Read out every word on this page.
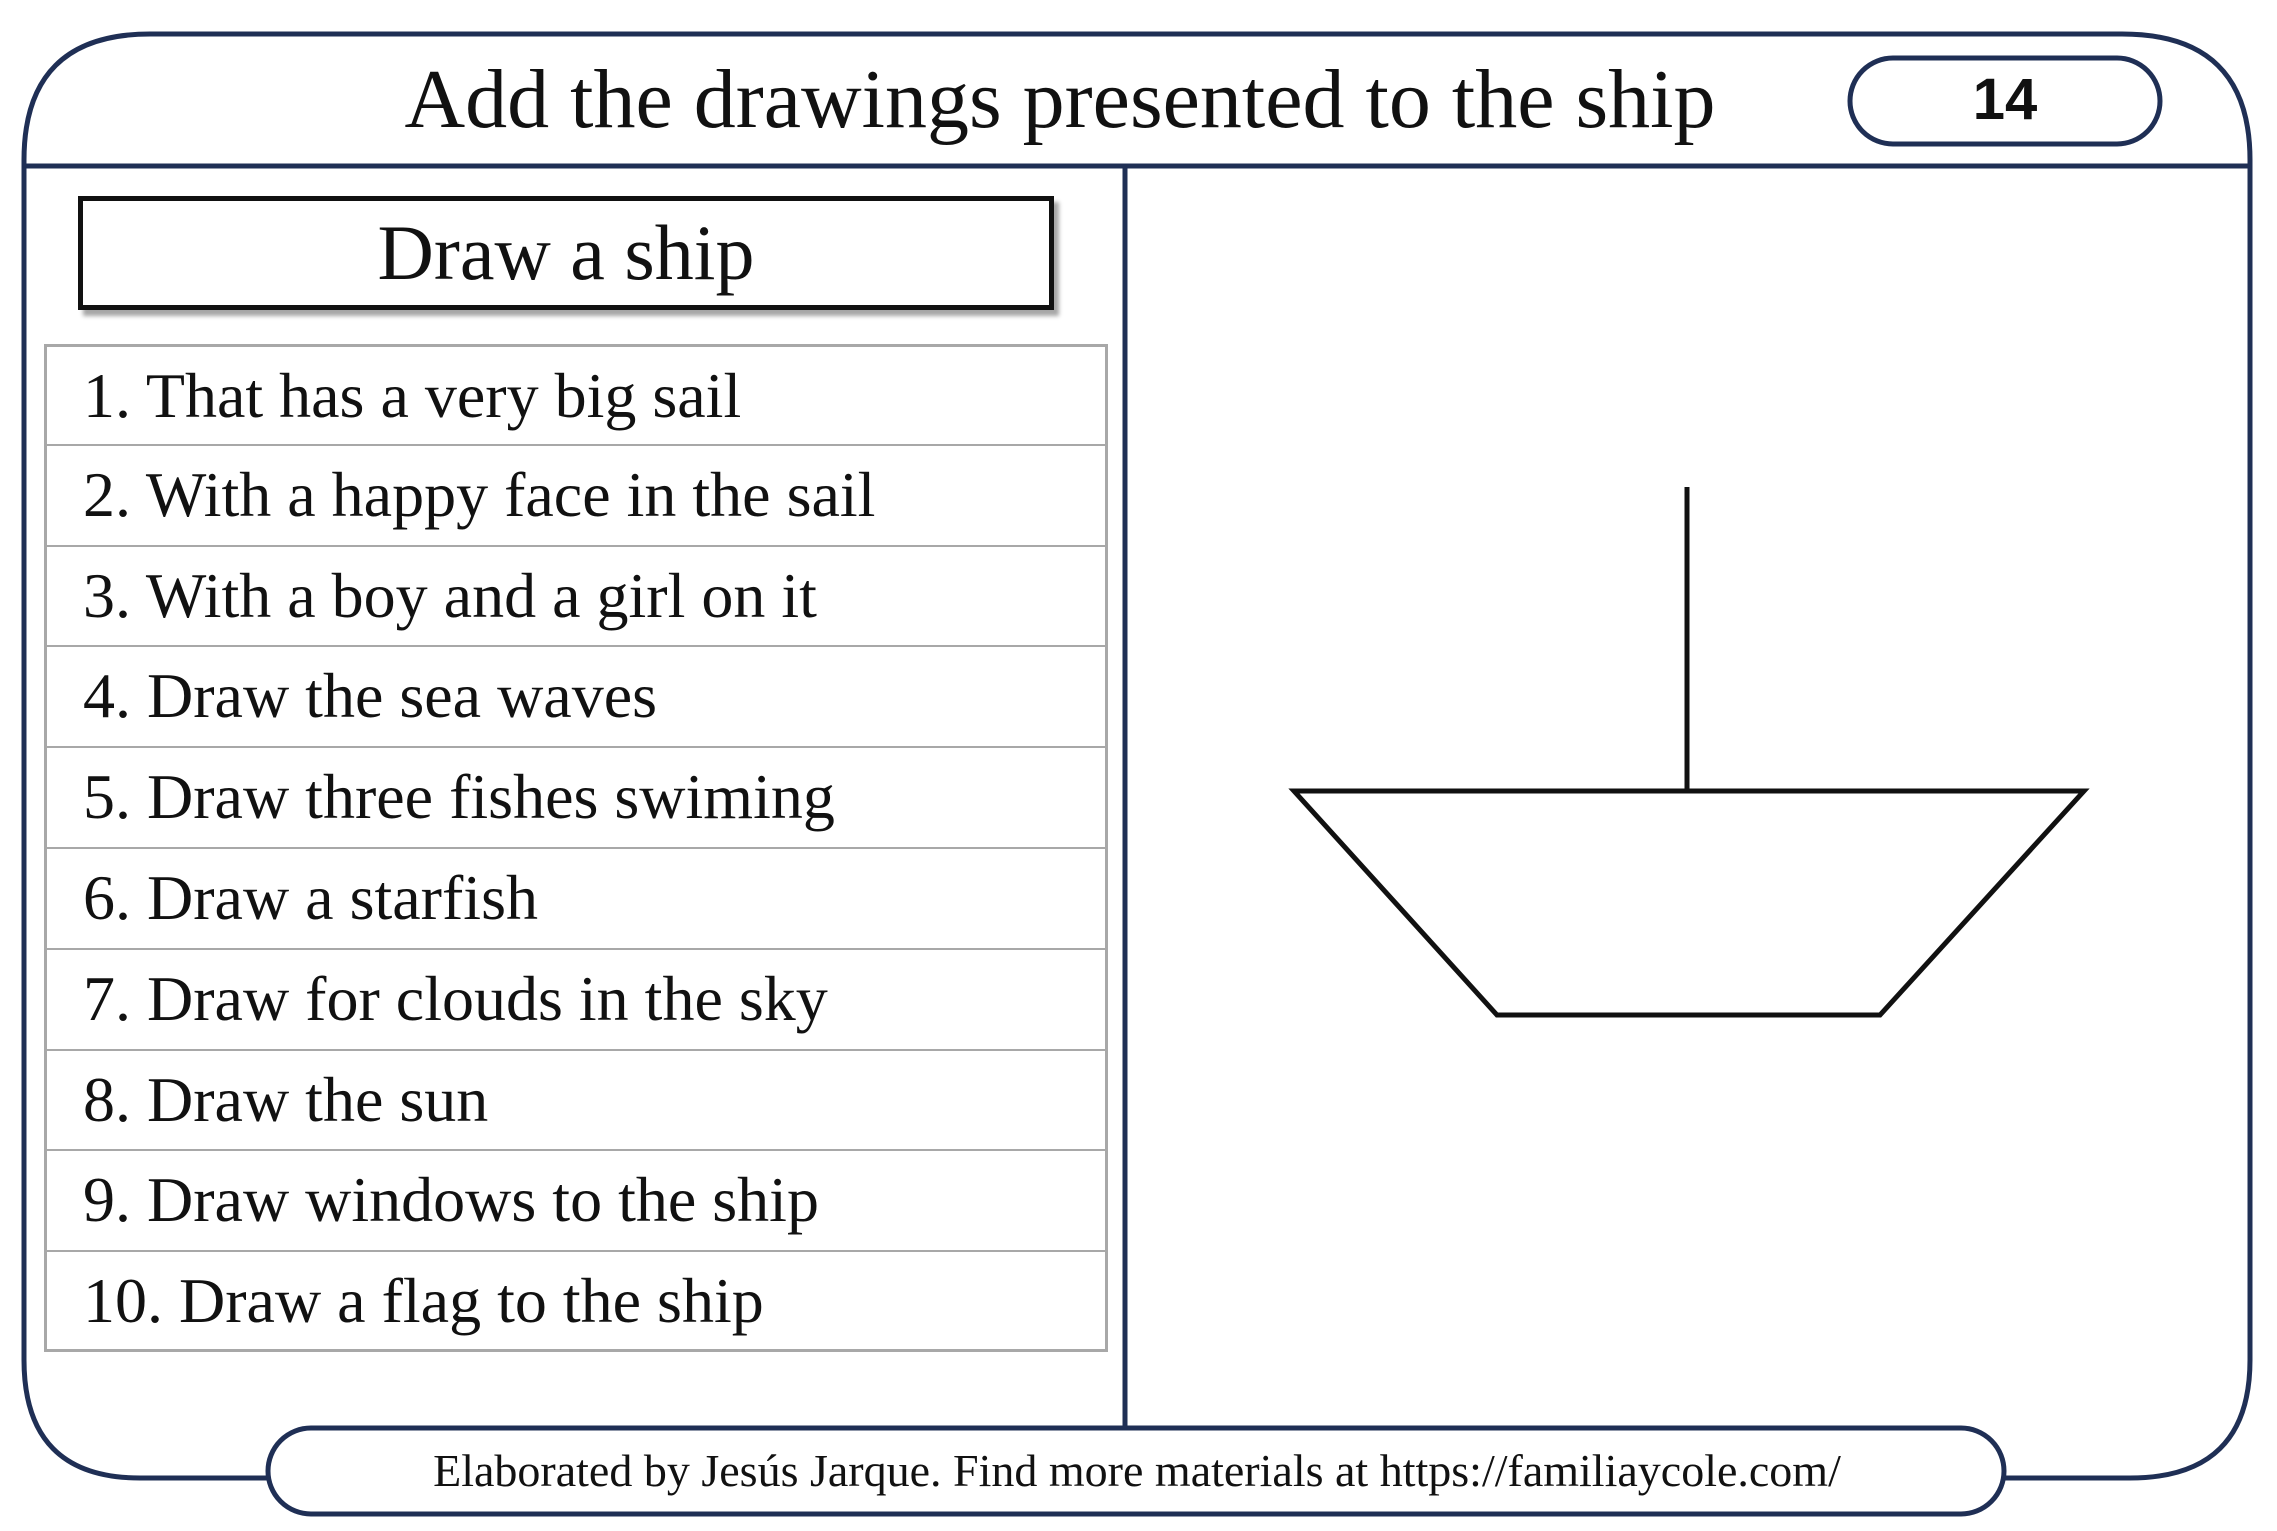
Add the drawings presented to the ship	14
Draw a ship
1. That has a very big sail
2. With a happy face in the sail
3. With a boy and a girl on it
4. Draw the sea waves
5. Draw three fishes swiming
6. Draw a starfish
7. Draw for clouds in the sky
8. Draw the sun
9. Draw windows to the ship
10. Draw a flag to the ship
Elaborated by Jesús Jarque. Find more materials at https://familiaycole.com/
